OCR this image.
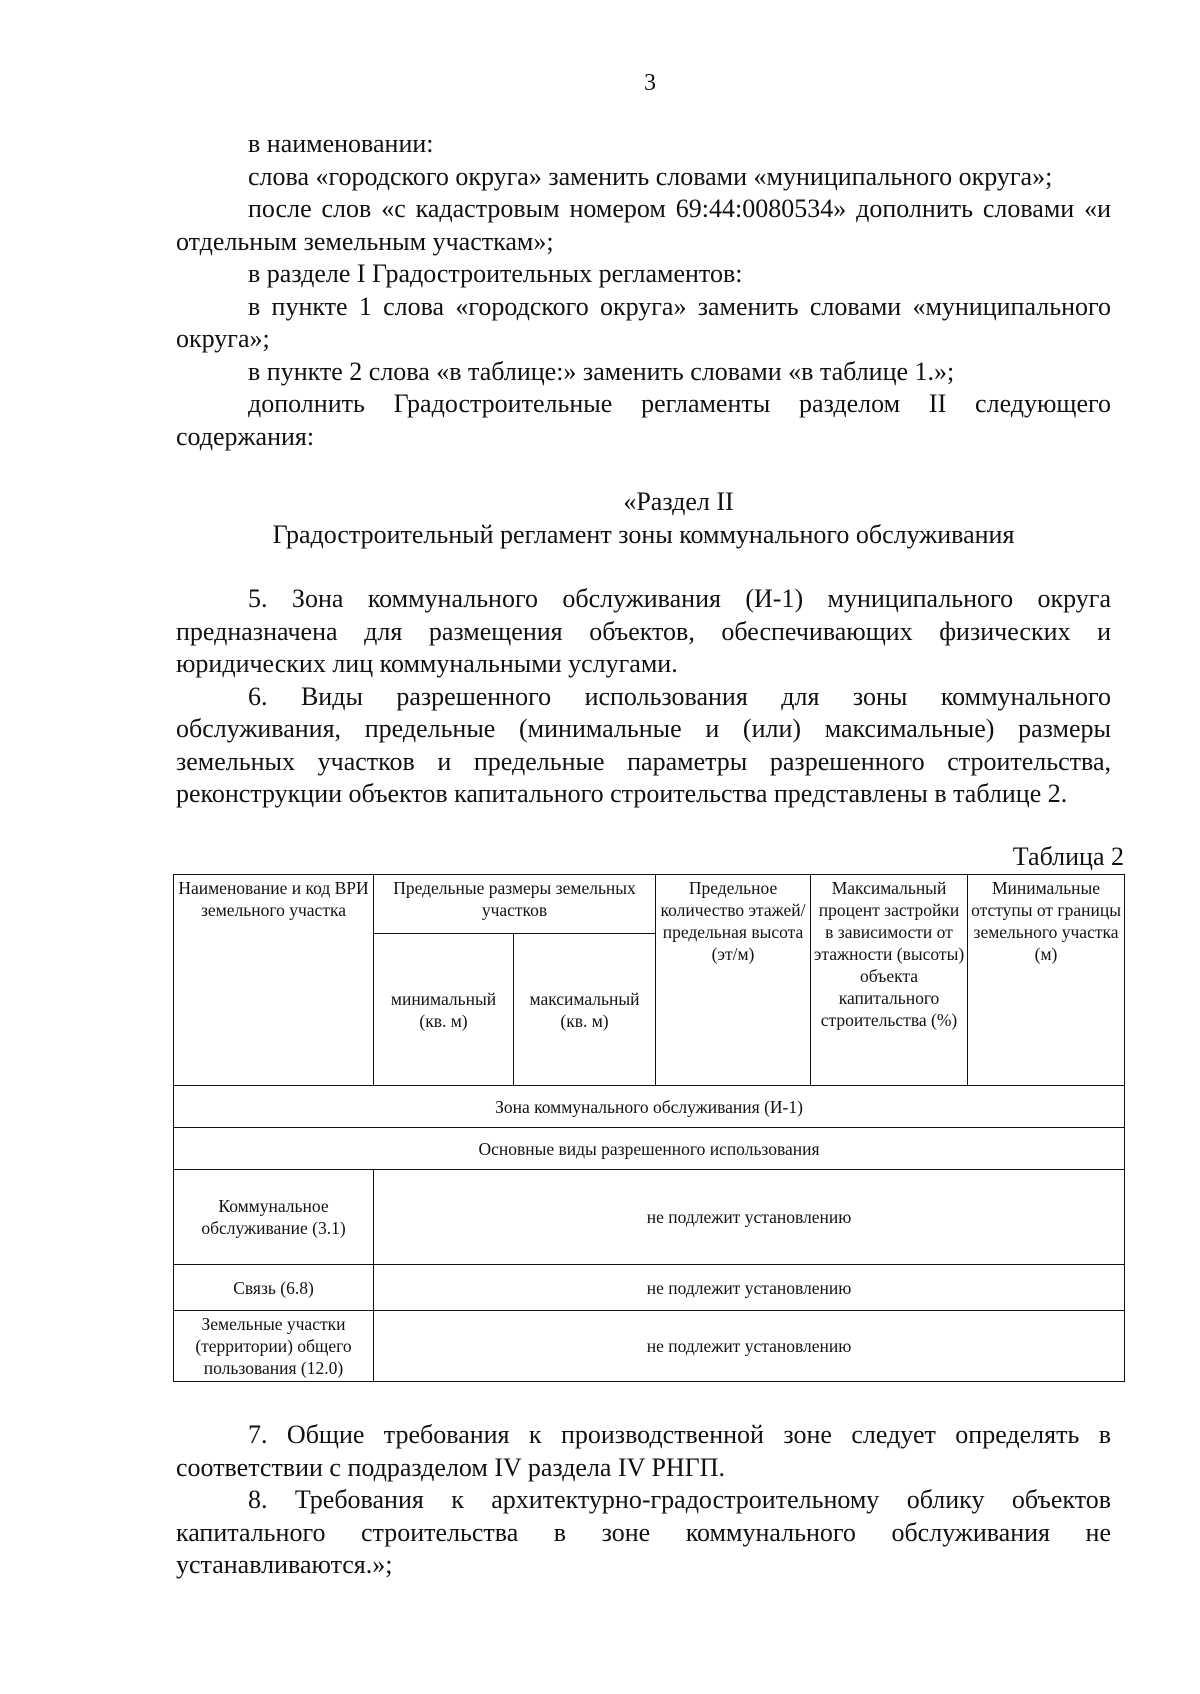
3

в наименовании:

слова «городского округа» заменить словами «муниципального округа»;

после слов «с кадастровым номером 69:44:0080534» дополнить словами «и отдельным земельным участкам»;

в разделе I Градостроительных регламентов:

в пункте 1 слова «городского округа» заменить словами «муниципального округа»;

в пункте 2 слова «в таблице:» заменить словами «в таблице 1.»;

дополнить Градостроительные регламенты разделом II следующего содержания:

«Раздел II
Градостроительный регламент зоны коммунального обслуживания

5. Зона коммунального обслуживания (И-1) муниципального округа предназначена для размещения объектов, обеспечивающих физических и юридических лиц коммунальными услугами.

6. Виды разрешенного использования для зоны коммунального обслуживания, предельные (минимальные и (или) максимальные) размеры земельных участков и предельные параметры разрешенного строительства, реконструкции объектов капитального строительства представлены в таблице 2.

Таблица 2
Наименование и код ВРИ земельного участка	Предельные размеры земельных участков		Предельное количество этажей/ предельная высота (эт/м)	Максимальный процент застройки в зависимости от этажности (высоты) объекта капитального строительства (%)	Минимальные отступы от границы земельного участка (м)
	минимальный (кв. м)	максимальный (кв. м)			
Зона коммунального обслуживания (И-1)					
Основные виды разрешенного использования					
Коммунальное обслуживание (3.1)	не подлежит установлению				
Связь (6.8)	не подлежит установлению				
Земельные участки (территории) общего пользования (12.0)	не подлежит установлению				

7. Общие требования к производственной зоне следует определять в соответствии с подразделом IV раздела IV РНГП.

8. Требования к архитектурно-градостроительному облику объектов капитального строительства в зоне коммунального обслуживания не устанавливаются.»;
